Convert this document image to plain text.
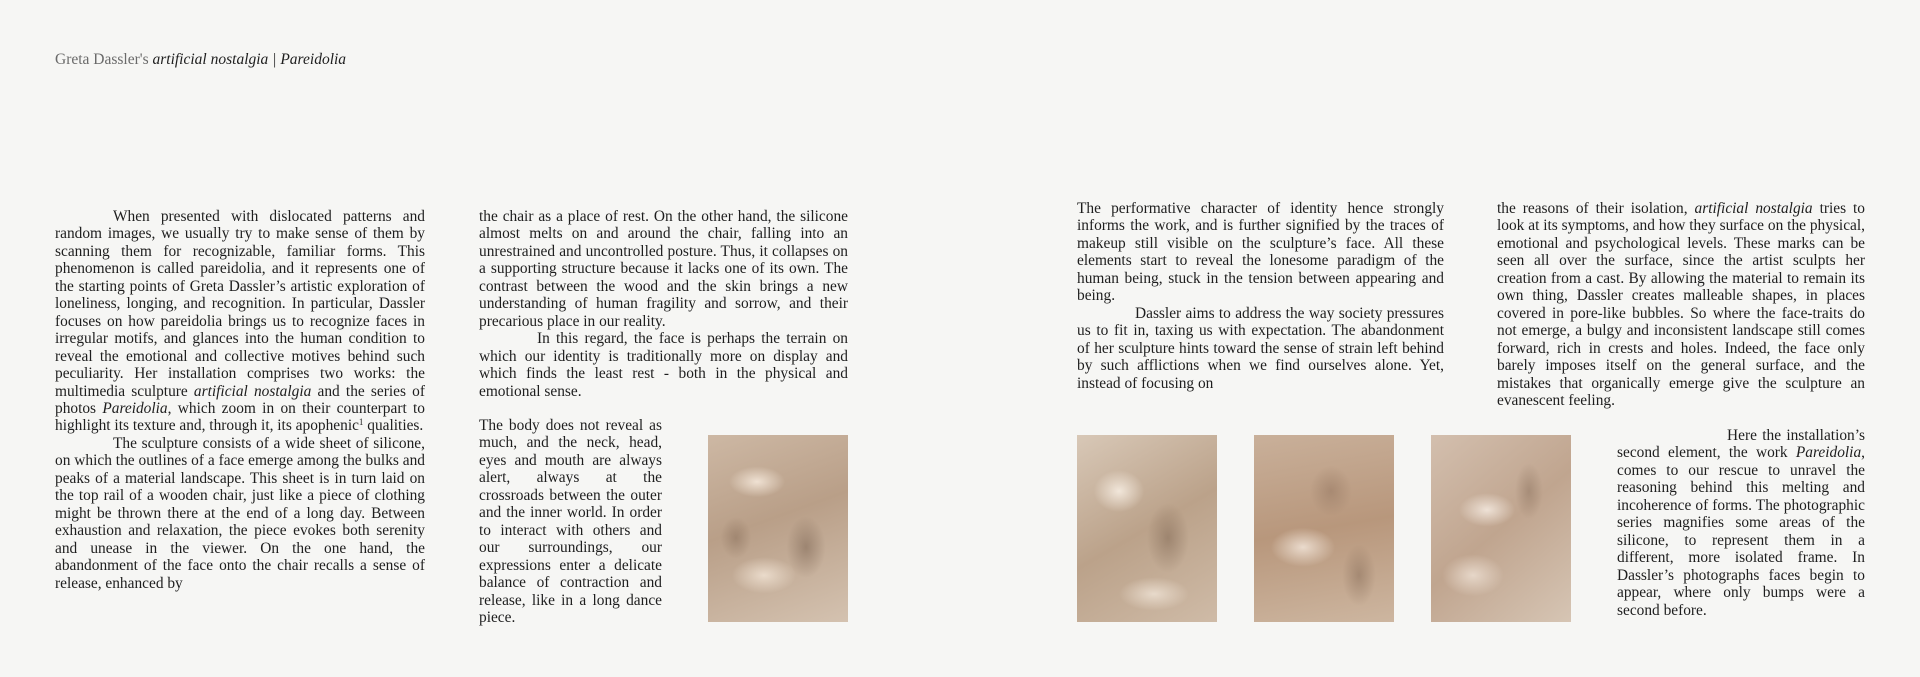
Greta Dassler's artificial nostalgia | Pareidolia

When presented with dislocated patterns and random images, we usually try to make sense of them by scanning them for recognizable, familiar forms. This phenomenon is called pareidolia, and it represents one of the starting points of Greta Dassler’s artistic exploration of loneliness, longing, and recognition. In particular, Dassler focuses on how pareidolia brings us to recognize faces in irregular motifs, and glances into the human condition to reveal the emotional and collective motives behind such peculiarity. Her installation comprises two works: the multimedia sculpture artificial nostalgia and the series of photos Pareidolia, which zoom in on their counterpart to highlight its texture and, through it, its apophenic$^1$ qualities.

The sculpture consists of a wide sheet of silicone, on which the outlines of a face emerge among the bulks and peaks of a material landscape. This sheet is in turn laid on the top rail of a wooden chair, just like a piece of clothing might be thrown there at the end of a long day. Between exhaustion and relaxation, the piece evokes both serenity and unease in the viewer. On the one hand, the abandonment of the face onto the chair recalls a sense of release, enhanced by

the chair as a place of rest. On the other hand, the silicone almost melts on and around the chair, falling into an unrestrained and uncontrolled posture. Thus, it collapses on a supporting structure because it lacks one of its own. The contrast between the wood and the skin brings a new understanding of human fragility and sorrow, and their precarious place in our reality.

In this regard, the face is perhaps the terrain on which our identity is traditionally more on display and which finds the least rest - both in the physical and emotional sense.

The body does not reveal as much, and the neck, head, eyes and mouth are always alert, always at the crossroads between the outer and the inner world. In order to interact with others and our surroundings, our expressions enter a delicate balance of contraction and release, like in a long dance piece.

The performative character of identity hence strongly informs the work, and is further signified by the traces of makeup still visible on the sculpture’s face. All these elements start to reveal the lonesome paradigm of the human being, stuck in the tension between appearing and being.

Dassler aims to address the way society pressures us to fit in, taxing us with expectation. The abandonment of her sculpture hints toward the sense of strain left behind by such afflictions when we find ourselves alone. Yet, instead of focusing on

the reasons of their isolation, artificial nostalgia tries to look at its symptoms, and how they surface on the physical, emotional and psychological levels. These marks can be seen all over the surface, since the artist sculpts her creation from a cast. By allowing the material to remain its own thing, Dassler creates malleable shapes, in places covered in pore-like bubbles. So where the face-traits do not emerge, a bulgy and inconsistent landscape still comes forward, rich in crests and holes. Indeed, the face only barely imposes itself on the general surface, and the mistakes that organically emerge give the sculpture an evanescent feeling.

Here the installation’s second element, the work Pareidolia, comes to our rescue to unravel the reasoning behind this melting and incoherence of forms. The photographic series magnifies some areas of the silicone, to represent them in a different, more isolated frame. In Dassler’s photographs faces begin to appear, where only bumps were a second before.
